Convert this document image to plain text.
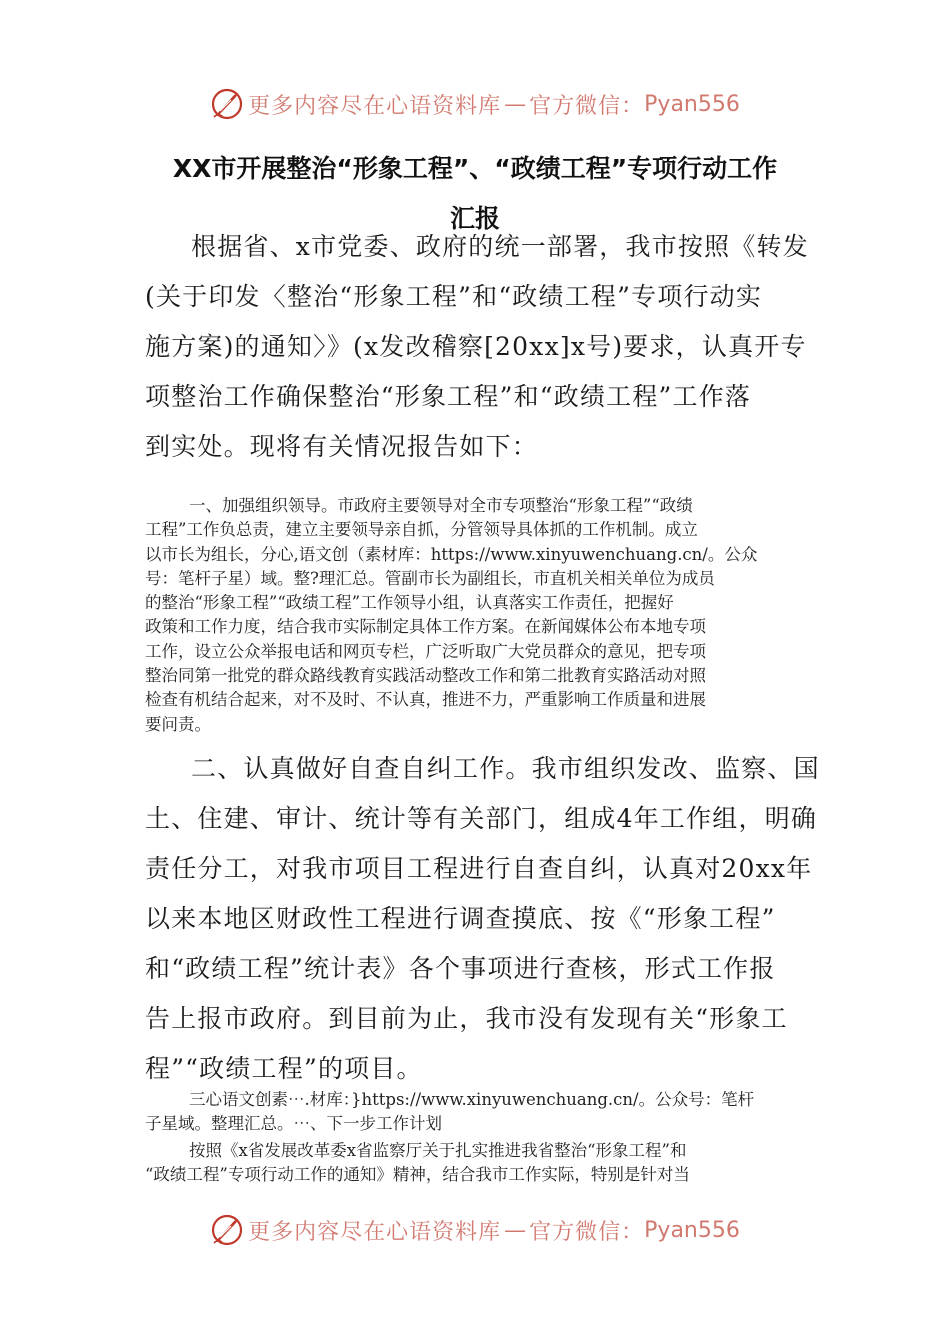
更多内容尽在心语资料库 — 官方微信： Pyan556
XX市开展整治“形象工程”、“政绩工程”专项行动工作
汇报
根据省、x市党委、政府的统一部署，我市按照《转发
(关于印发〈整治“形象工程”和“政绩工程”专项行动实
施方案)的通知〉》(x发改稽察[20xx]x号)要求，认真开专
项整治工作确保整治“形象工程”和“政绩工程”工作落
到实处。现将有关情况报告如下：
一、加强组织领导。市政府主要领导对全市专项整治“形象工程”“政绩
工程”工作负总责，建立主要领导亲自抓，分管领导具体抓的工作机制。成立
以市长为组长，分心,语文创（素材库：https://www.xinyuwenchuang.cn/。公众
号：笔杆子星）域。整?理汇总。管副市长为副组长，市直机关相关单位为成员
的整治“形象工程”“政绩工程”工作领导小组，认真落实工作责任，把握好
政策和工作力度，结合我市实际制定具体工作方案。在新闻媒体公布本地专项
工作，设立公众举报电话和网页专栏，广泛听取广大党员群众的意见，把专项
整治同第一批党的群众路线教育实践活动整改工作和第二批教育实路活动对照
检查有机结合起来，对不及时、不认真，推进不力，严重影响工作质量和进展
要问责。
二、认真做好自查自纠工作。我市组织发改、监察、国
土、住建、审计、统计等有关部门，组成4年工作组，明确
责任分工，对我市项目工程进行自查自纠，认真对20xx年
以来本地区财政性工程进行调查摸底、按《“形象工程”
和“政绩工程”统计表》各个事项进行查核，形式工作报
告上报市政府。到目前为止，我市没有发现有关“形象工
程”“政绩工程”的项目。
三心语文创素⋯.材库：}https://www.xinyuwenchuang.cn/。公众号：笔杆
子星域。整理汇总。⋯、下一步工作计划
按照《x省发展改革委x省监察厅关于扎实推进我省整治“形象工程”和
“政绩工程”专项行动工作的通知》精神，结合我市工作实际，特别是针对当
更多内容尽在心语资料库 — 官方微信： Pyan556
